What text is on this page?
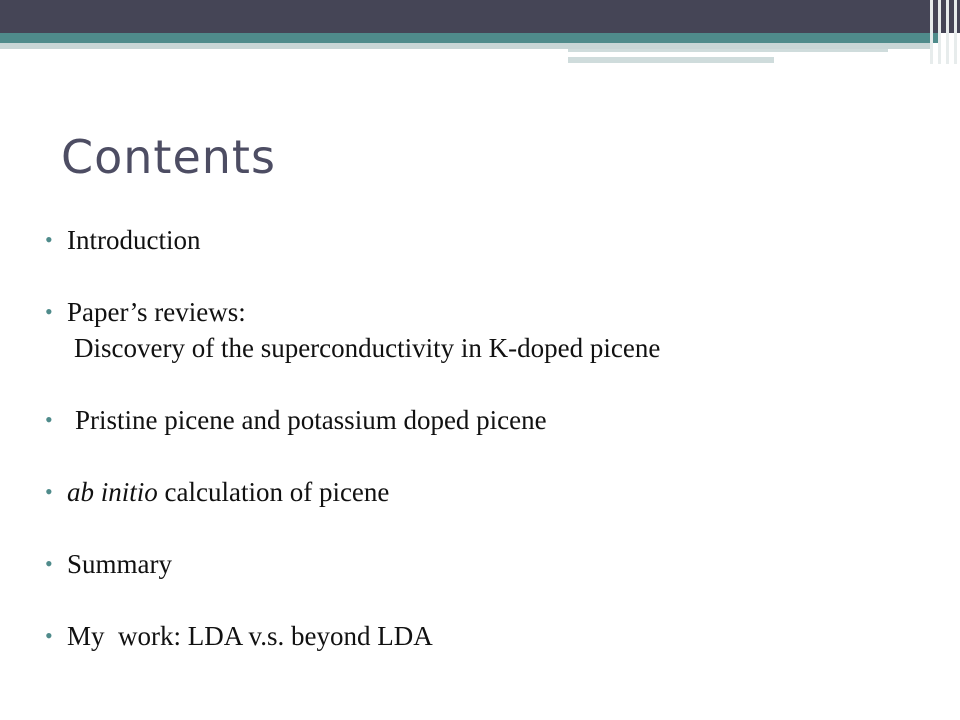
Contents
• Introduction
• Paper’s reviews:
Discovery of the superconductivity in K-doped picene
• Pristine picene and potassium doped picene
• ab initio calculation of picene
• Summary
• My  work: LDA v.s. beyond LDA
